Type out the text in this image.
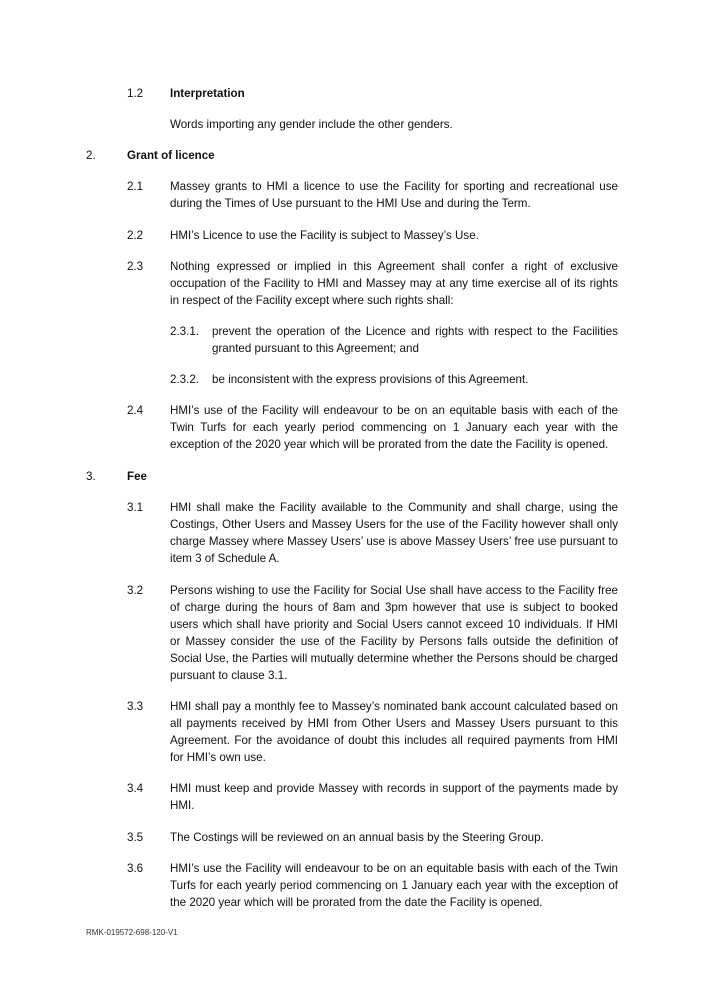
1.2 Interpretation
Words importing any gender include the other genders.
2.	Grant of licence
2.1 Massey grants to HMI a licence to use the Facility for sporting and recreational use during the Times of Use pursuant to the HMI Use and during the Term.
2.2 HMI’s Licence to use the Facility is subject to Massey’s Use.
2.3 Nothing expressed or implied in this Agreement shall confer a right of exclusive occupation of the Facility to HMI and Massey may at any time exercise all of its rights in respect of the Facility except where such rights shall:
2.3.1. prevent the operation of the Licence and rights with respect to the Facilities granted pursuant to this Agreement; and
2.3.2. be inconsistent with the express provisions of this Agreement.
2.4 HMI’s use of the Facility will endeavour to be on an equitable basis with each of the Twin Turfs for each yearly period commencing on 1 January each year with the exception of the 2020 year which will be prorated from the date the Facility is opened.
3.	Fee
3.1 HMI shall make the Facility available to the Community and shall charge, using the Costings, Other Users and Massey Users for the use of the Facility however shall only charge Massey where Massey Users’ use is above Massey Users’ free use pursuant to item 3 of Schedule A.
3.2 Persons wishing to use the Facility for Social Use shall have access to the Facility free of charge during the hours of 8am and 3pm however that use is subject to booked users which shall have priority and Social Users cannot exceed 10 individuals. If HMI or Massey consider the use of the Facility by Persons falls outside the definition of Social Use, the Parties will mutually determine whether the Persons should be charged pursuant to clause 3.1.
3.3 HMI shall pay a monthly fee to Massey’s nominated bank account calculated based on all payments received by HMI from Other Users and Massey Users pursuant to this Agreement. For the avoidance of doubt this includes all required payments from HMI for HMI’s own use.
3.4 HMI must keep and provide Massey with records in support of the payments made by HMI.
3.5 The Costings will be reviewed on an annual basis by the Steering Group.
3.6 HMI’s use the Facility will endeavour to be on an equitable basis with each of the Twin Turfs for each yearly period commencing on 1 January each year with the exception of the 2020 year which will be prorated from the date the Facility is opened.
RMK-019572-698-120-V1
